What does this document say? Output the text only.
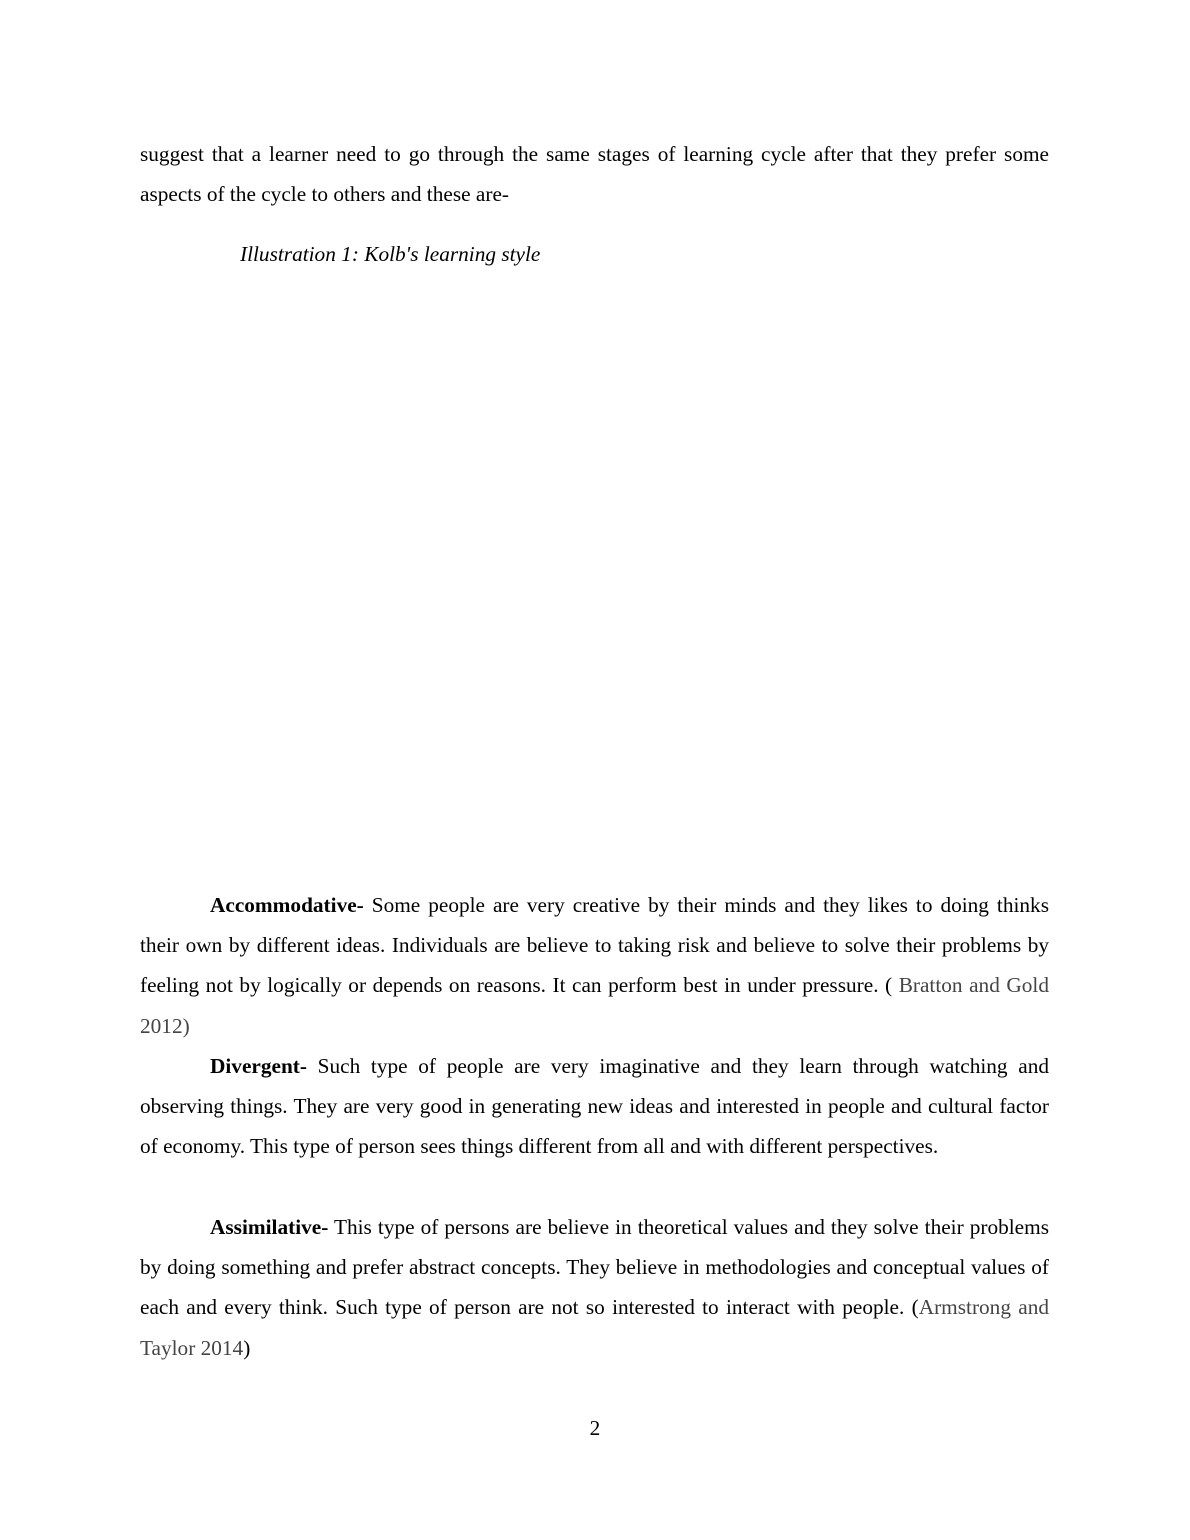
suggest that a learner need to go through the same stages of learning cycle after that they prefer some aspects of the cycle to others and these are-

Illustration 1: Kolb's learning style

Accommodative- Some people are very creative by their minds and they likes to doing thinks their own by different ideas. Individuals are believe to taking risk and believe to solve their problems by feeling not by logically or depends on reasons. It can perform best in under pressure. ( Bratton and Gold 2012)

Divergent- Such type of people are very imaginative and they learn through watching and observing things. They are very good in generating new ideas and interested in people and cultural factor of economy. This type of person sees things different from all and with different perspectives.

Assimilative- This type of persons are believe in theoretical values and they solve their problems by doing something and prefer abstract concepts. They believe in methodologies and conceptual values of each and every think. Such type of person are not so interested to interact with people. (Armstrong and Taylor 2014)

2
